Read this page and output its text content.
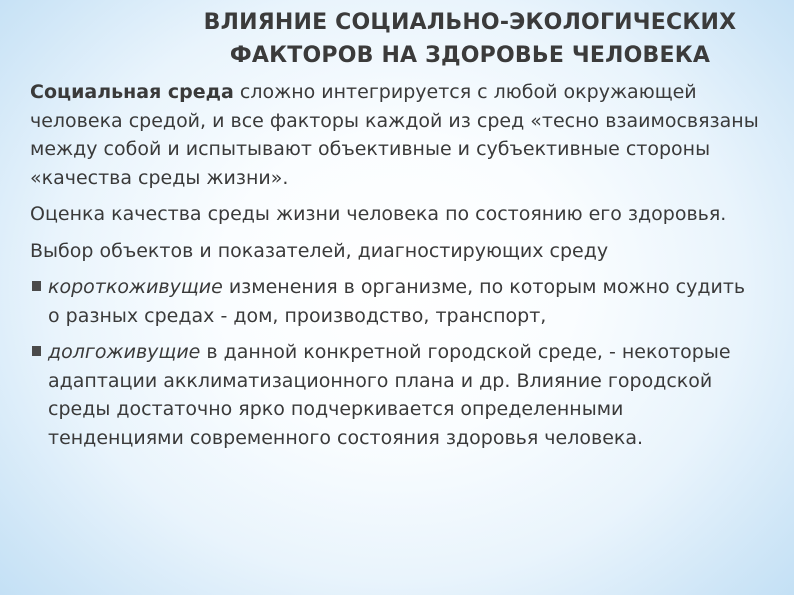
ВЛИЯНИЕ СОЦИАЛЬНО-ЭКОЛОГИЧЕСКИХ
ФАКТОРОВ НА ЗДОРОВЬЕ ЧЕЛОВЕКА

Социальная среда сложно интегрируется с любой окружающей человека средой, и все факторы каждой из сред «тесно взаимосвязаны между собой и испытывают объективные и субъективные стороны «качества среды жизни».

Оценка качества среды жизни человека по состоянию его здоровья.

Выбор объектов и показателей, диагностирующих среду

короткоживущие изменения в организме, по которым можно судить о разных средах - дом, производство, транспорт,
долгоживущие в данной конкретной городской среде, - некоторые адаптации акклиматизационного плана и др. Влияние городской среды достаточно ярко подчеркивается определенными тенденциями современного состояния здоровья человека.
